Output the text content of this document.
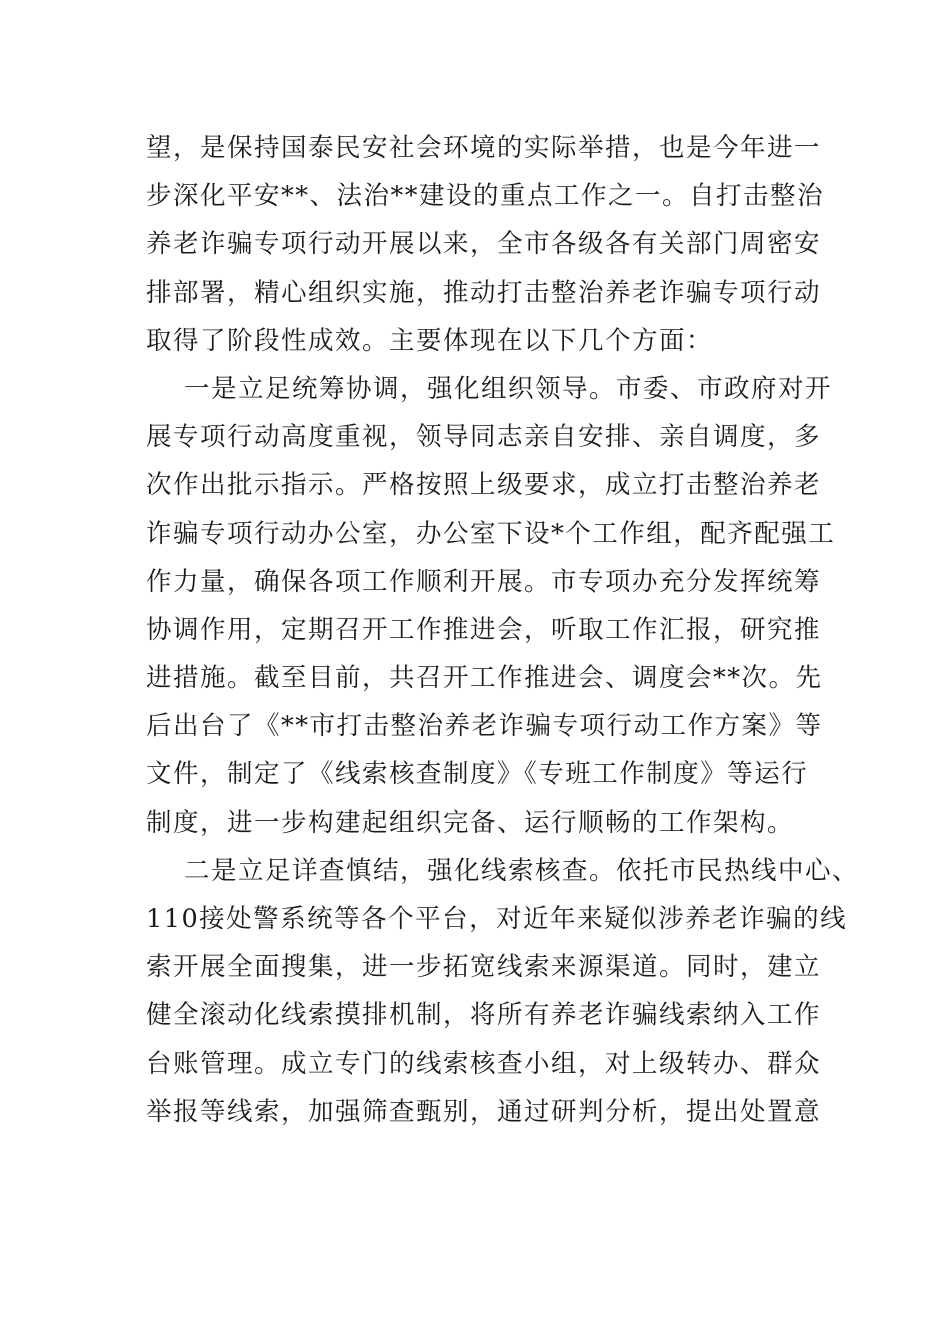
望，是保持国泰民安社会环境的实际举措，也是今年进一
步深化平安**、法治**建设的重点工作之一。自打击整治
养老诈骗专项行动开展以来，全市各级各有关部门周密安
排部署，精心组织实施，推动打击整治养老诈骗专项行动
取得了阶段性成效。主要体现在以下几个方面：
一是立足统筹协调，强化组织领导。市委、市政府对开
展专项行动高度重视，领导同志亲自安排、亲自调度，多
次作出批示指示。严格按照上级要求，成立打击整治养老
诈骗专项行动办公室，办公室下设*个工作组，配齐配强工
作力量，确保各项工作顺利开展。市专项办充分发挥统筹
协调作用，定期召开工作推进会，听取工作汇报，研究推
进措施。截至目前，共召开工作推进会、调度会**次。先
后出台了《**市打击整治养老诈骗专项行动工作方案》等
文件，制定了《线索核查制度》《专班工作制度》等运行
制度，进一步构建起组织完备、运行顺畅的工作架构。
二是立足详查慎结，强化线索核查。依托市民热线中心、
110接处警系统等各个平台，对近年来疑似涉养老诈骗的线
索开展全面搜集，进一步拓宽线索来源渠道。同时，建立
健全滚动化线索摸排机制，将所有养老诈骗线索纳入工作
台账管理。成立专门的线索核查小组，对上级转办、群众
举报等线索，加强筛查甄别，通过研判分析，提出处置意
